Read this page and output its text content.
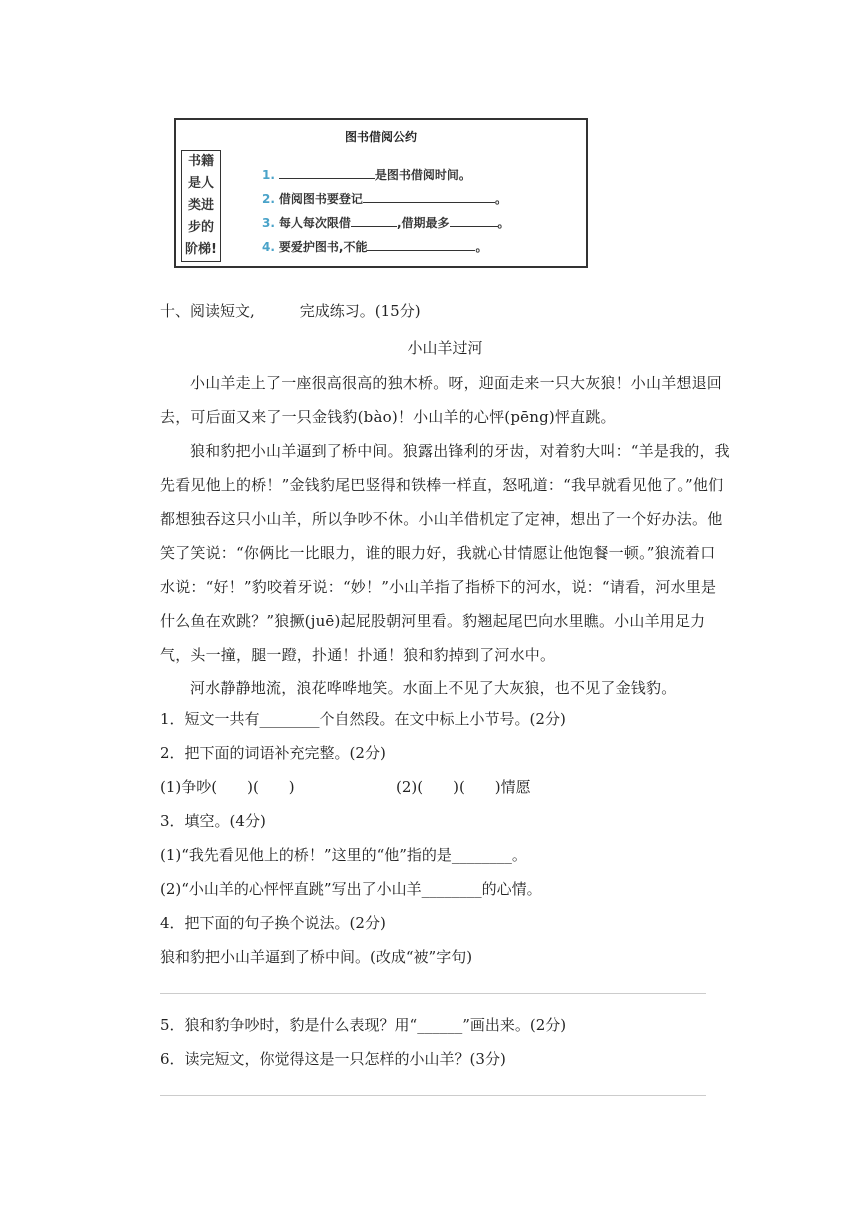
图书借阅公约
书籍
是人
类进
步的
阶梯!
1.	是图书借阅时间。
2. 借阅图书要登记	。
3. 每人每次限借	,借期最多	。
4. 要爱护图书,不能	。
十、阅读短文,　　　完成练习。(15分)
小山羊过河
小山羊走上了一座很高很高的独木桥。呀，迎面走来一只大灰狼！小山羊想退回去，可后面又来了一只金钱豹(bào)！小山羊的心怦(pēng)怦直跳。
狼和豹把小山羊逼到了桥中间。狼露出锋利的牙齿，对着豹大叫：“羊是我的，我先看见他上的桥！”金钱豹尾巴竖得和铁棒一样直，怒吼道：“我早就看见他了。”他们都想独吞这只小山羊，所以争吵不休。小山羊借机定了定神，想出了一个好办法。他笑了笑说：“你俩比一比眼力，谁的眼力好，我就心甘情愿让他饱餐一顿。”狼流着口水说：“好！”豹咬着牙说：“妙！”小山羊指了指桥下的河水，说：“请看，河水里是什么鱼在欢跳？”狼撅(juē)起屁股朝河里看。豹翘起尾巴向水里瞧。小山羊用足力气，头一撞，腿一蹬，扑通！扑通！狼和豹掉到了河水中。
河水静静地流，浪花哗哗地笑。水面上不见了大灰狼，也不见了金钱豹。
1．短文一共有________个自然段。在文中标上小节号。(2分)
2．把下面的词语补充完整。(2分)
(1)争吵(　　)(　　)	(2)(　　)(　　)情愿
3．填空。(4分)
(1)“我先看见他上的桥！”这里的“他”指的是________。
(2)“小山羊的心怦怦直跳”写出了小山羊________的心情。
4．把下面的句子换个说法。(2分)
狼和豹把小山羊逼到了桥中间。(改成“被”字句)
5．狼和豹争吵时，豹是什么表现？用“______”画出来。(2分)
6．读完短文，你觉得这是一只怎样的小山羊？(3分)
